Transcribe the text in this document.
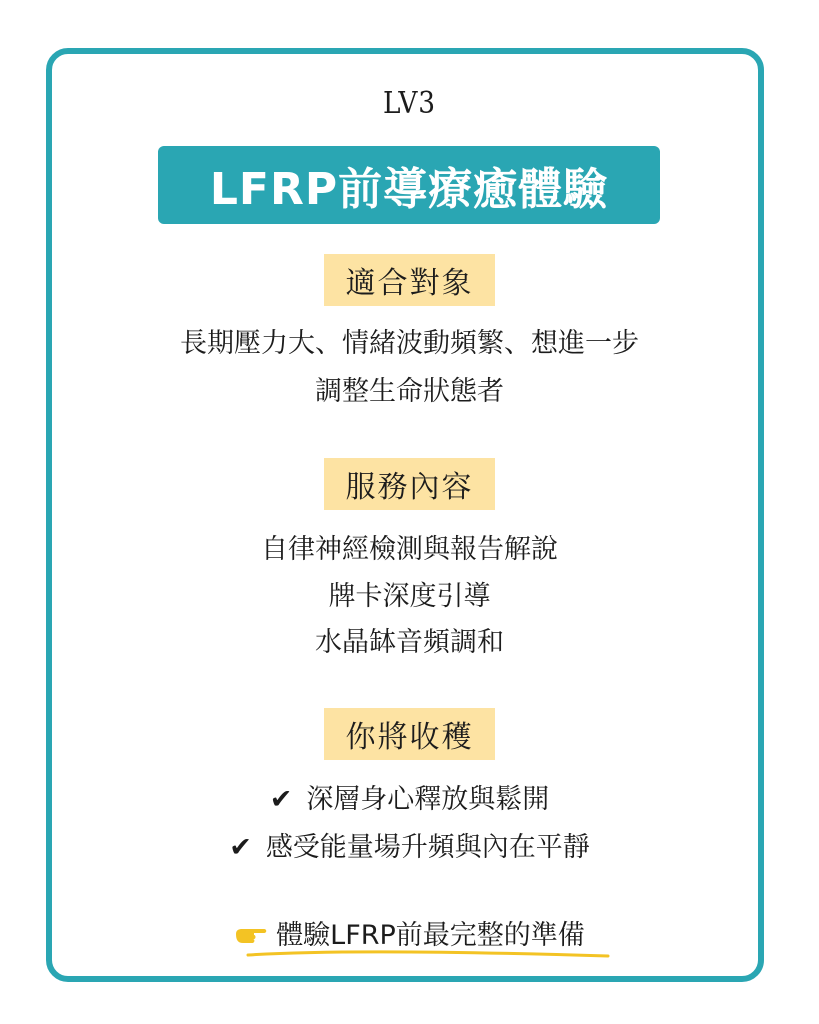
LV3
LFRP前導療癒體驗
適合對象
長期壓力大、情緒波動頻繁、想進一步
調整生命狀態者
服務內容
自律神經檢測與報告解說
牌卡深度引導
水晶缽音頻調和
你將收穫
✔ 深層身心釋放與鬆開
✔ 感受能量場升頻與內在平靜
體驗LFRP前最完整的準備
